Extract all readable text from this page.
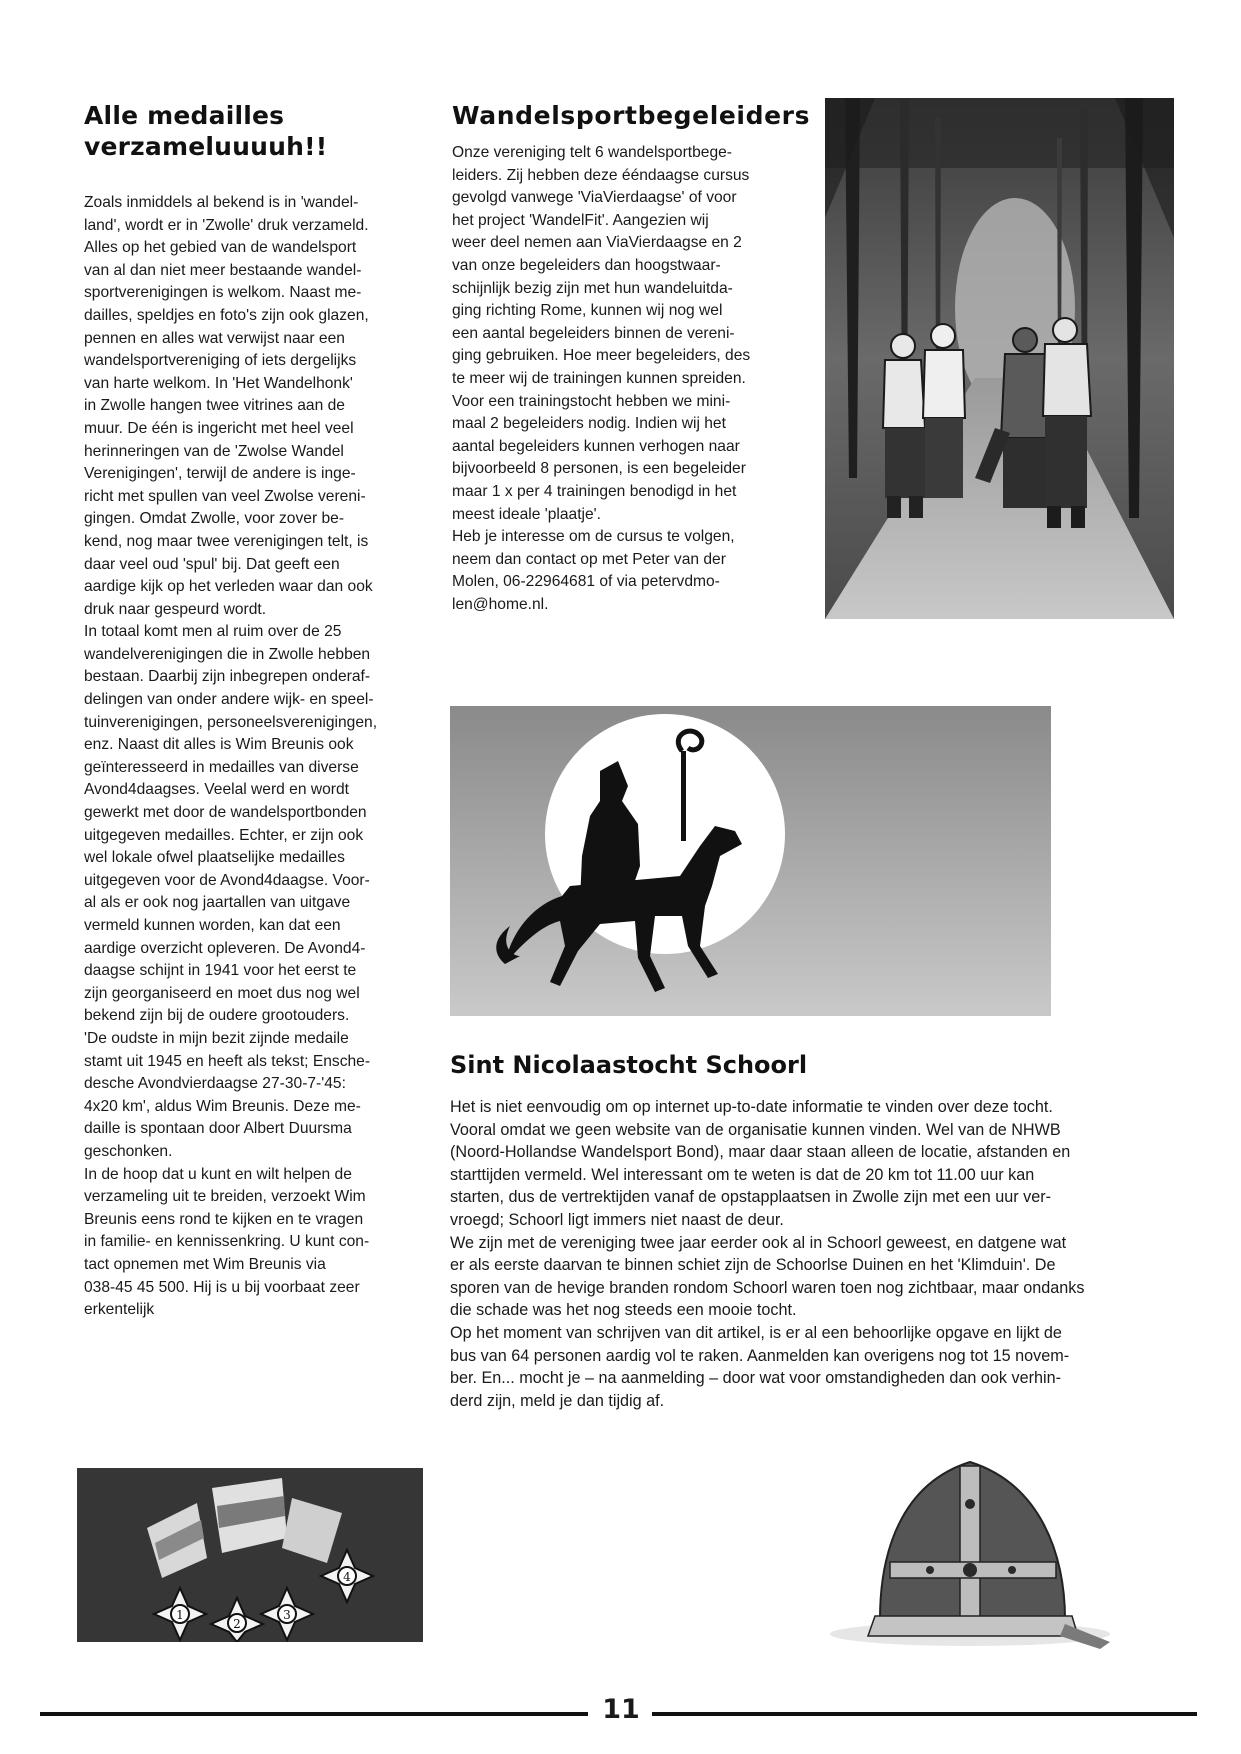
Alle medailles
verzameluuuuh!!

Zoals inmiddels al bekend is in 'wandel-
land', wordt er in 'Zwolle' druk verzameld.
Alles op het gebied van de wandelsport
van al dan niet meer bestaande wandel-
sportverenigingen is welkom. Naast me-
dailles, speldjes en foto's zijn ook glazen,
pennen en alles wat verwijst naar een
wandelsportvereniging of iets dergelijks
van harte welkom. In 'Het Wandelhonk'
in Zwolle hangen twee vitrines aan de
muur. De één is ingericht met heel veel
herinneringen van de 'Zwolse Wandel
Verenigingen', terwijl de andere is inge-
richt met spullen van veel Zwolse vereni-
gingen. Omdat Zwolle, voor zover be-
kend, nog maar twee verenigingen telt, is
daar veel oud 'spul' bij. Dat geeft een
aardige kijk op het verleden waar dan ook
druk naar gespeurd wordt.
In totaal komt men al ruim over de 25
wandelverenigingen die in Zwolle hebben
bestaan. Daarbij zijn inbegrepen onderaf-
delingen van onder andere wijk- en speel-
tuinverenigingen, personeelsverenigingen,
enz. Naast dit alles is Wim Breunis ook
geïnteresseerd in medailles van diverse
Avond4daagses. Veelal werd en wordt
gewerkt met door de wandelsportbonden
uitgegeven medailles. Echter, er zijn ook
wel lokale ofwel plaatselijke medailles
uitgegeven voor de Avond4daagse. Voor-
al als er ook nog jaartallen van uitgave
vermeld kunnen worden, kan dat een
aardige overzicht opleveren. De Avond4-
daagse schijnt in 1941 voor het eerst te
zijn georganiseerd en moet dus nog wel
bekend zijn bij de oudere grootouders.
'De oudste in mijn bezit zijnde medaile
stamt uit 1945 en heeft als tekst; Ensche-
desche Avondvierdaagse 27-30-7-'45:
4x20 km', aldus Wim Breunis. Deze me-
daille is spontaan door Albert Duursma
geschonken.
In de hoop dat u kunt en wilt helpen de
verzameling uit te breiden, verzoekt Wim
Breunis eens rond te kijken en te vragen
in familie- en kennissenkring. U kunt con-
tact opnemen met Wim Breunis via
038-45 45 500. Hij is u bij voorbaat zeer
erkentelijk

Wandelsportbegeleiders

Onze vereniging telt 6 wandelsportbege-
leiders. Zij hebben deze ééndaagse cursus
gevolgd vanwege 'ViaVierdaagse' of voor
het project 'WandelFit'. Aangezien wij
weer deel nemen aan ViaVierdaagse en 2
van onze begeleiders dan hoogstwaar-
schijnlijk bezig zijn met hun wandeluitda-
ging richting Rome, kunnen wij nog wel
een aantal begeleiders binnen de vereni-
ging gebruiken. Hoe meer begeleiders, des
te meer wij de trainingen kunnen spreiden.
Voor een trainingstocht hebben we mini-
maal 2 begeleiders nodig. Indien wij het
aantal begeleiders kunnen verhogen naar
bijvoorbeeld 8 personen, is een begeleider
maar 1 x per 4 trainingen benodigd in het
meest ideale 'plaatje'.
Heb je interesse om de cursus te volgen,
neem dan contact op met Peter van der
Molen, 06-22964681 of via petervdmo-
len@home.nl.

Sint Nicolaastocht Schoorl

Het is niet eenvoudig om op internet up-to-date informatie te vinden over deze tocht.
Vooral omdat we geen website van de organisatie kunnen vinden. Wel van de NHWB
(Noord-Hollandse Wandelsport Bond), maar daar staan alleen de locatie, afstanden en
starttijden vermeld. Wel interessant om te weten is dat de 20 km tot 11.00 uur kan
starten, dus de vertrektijden vanaf de opstapplaatsen in Zwolle zijn met een uur ver-
vroegd; Schoorl ligt immers niet naast de deur.
We zijn met de vereniging twee jaar eerder ook al in Schoorl geweest, en datgene wat
er als eerste daarvan te binnen schiet zijn de Schoorlse Duinen en het 'Klimduin'. De
sporen van de hevige branden rondom Schoorl waren toen nog zichtbaar, maar ondanks
die schade was het nog steeds een mooie tocht.
Op het moment van schrijven van dit artikel, is er al een behoorlijke opgave en lijkt de
bus van 64 personen aardig vol te raken. Aanmelden kan overigens nog tot 15 novem-
ber. En... mocht je – na aanmelding – door wat voor omstandigheden dan ook verhin-
derd zijn, meld je dan tijdig af.

1
2
3
4
11
